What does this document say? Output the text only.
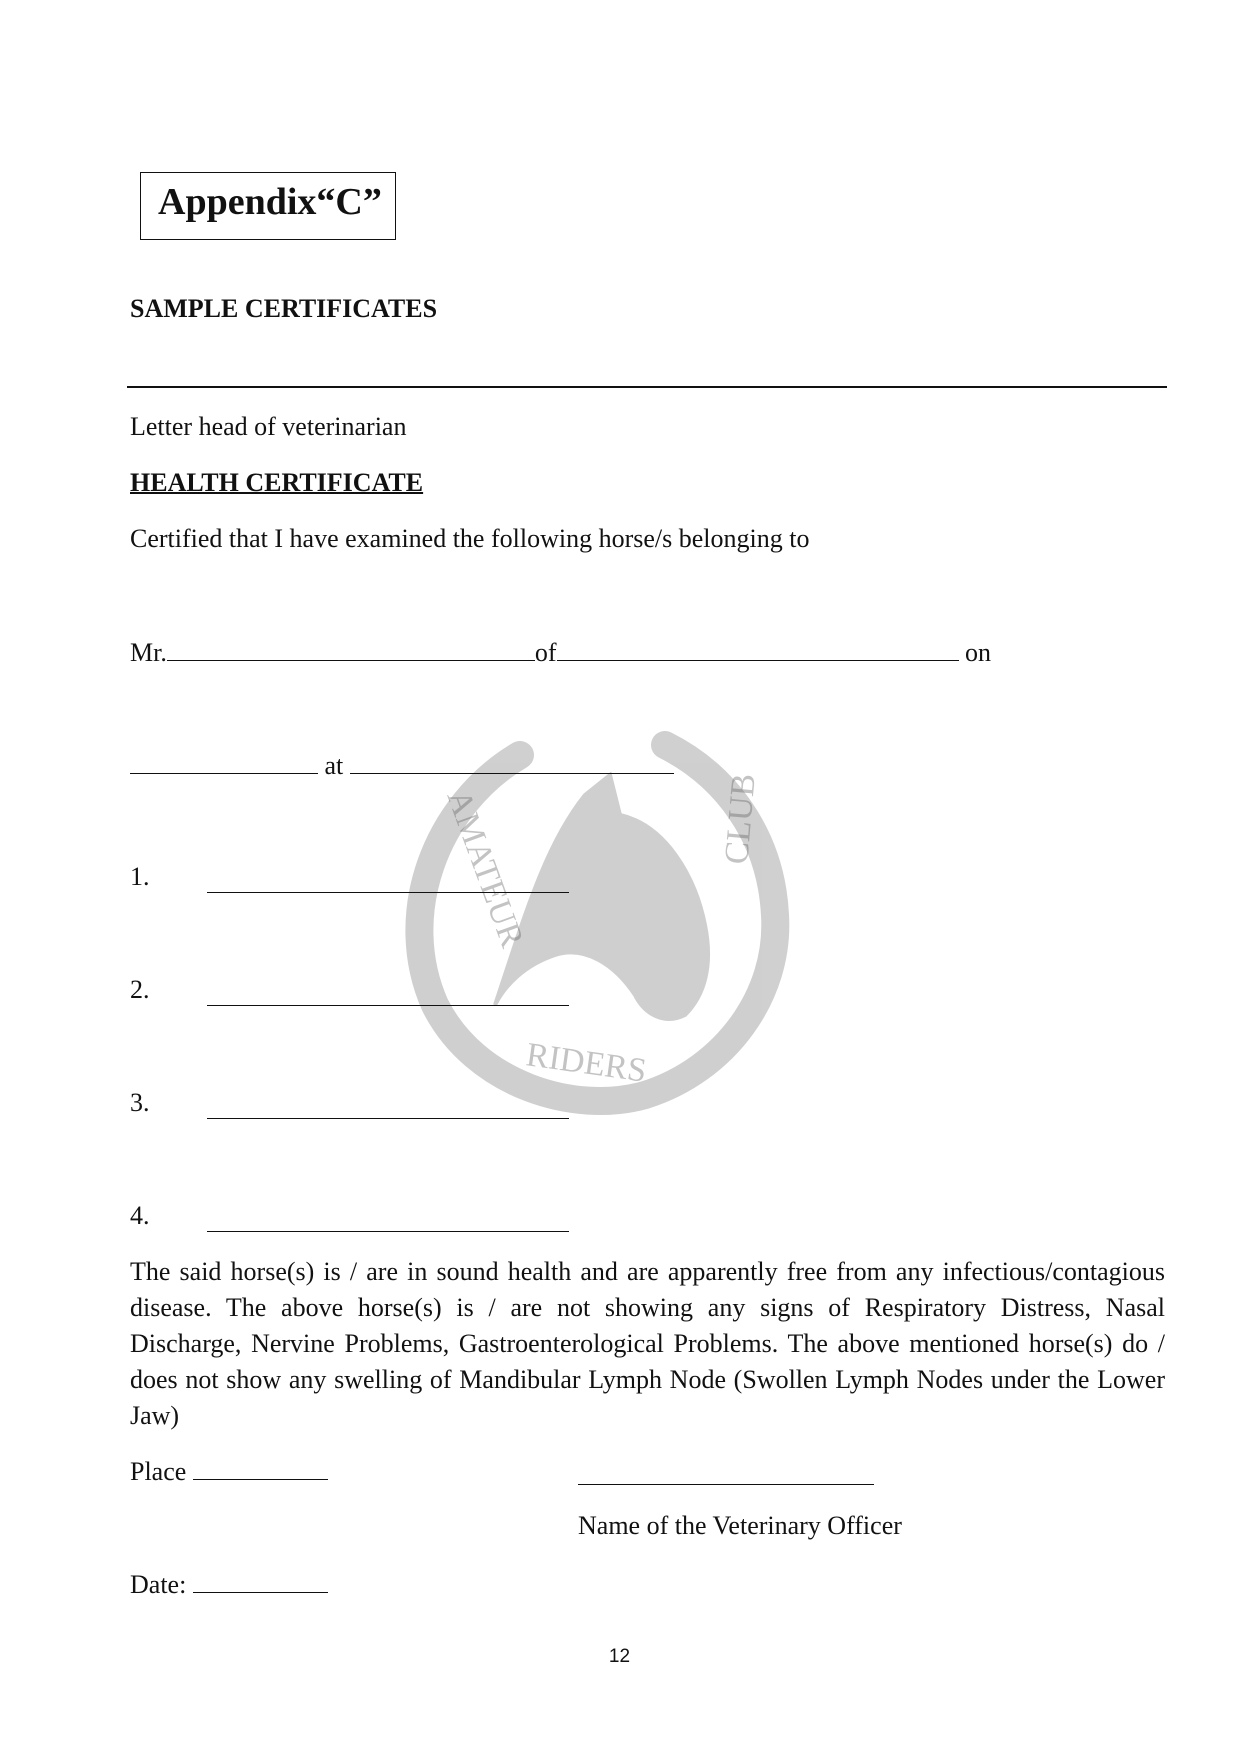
AMATEUR	CLUB
RIDERS
Appendix“C”
SAMPLE CERTIFICATES
Letter head of veterinarian
HEALTH CERTIFICATE
Certified that I have examined the following horse/s belonging to
Mr.	of	on
at
1.
2.
3.
4.
The said horse(s) is / are in sound health and are apparently free from any infectious/contagious disease. The above horse(s) is / are not showing any signs of Respiratory Distress, Nasal Discharge, Nervine Problems, Gastroenterological Problems. The above mentioned horse(s) do / does not show any swelling of Mandibular Lymph Node (Swollen Lymph Nodes under the Lower Jaw)
Place
Name of the Veterinary Officer
Date:
12
